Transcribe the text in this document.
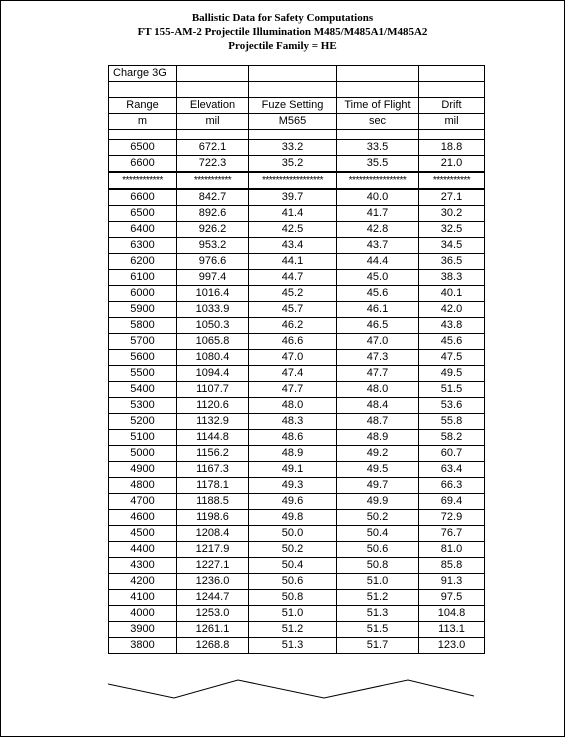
Ballistic Data for Safety Computations
FT 155-AM-2 Projectile Illumination M485/M485A1/M485A2
Projectile Family = HE
Charge 3G				

Range	Elevation	Fuze Setting	Time of Flight	Drift
m	mil	M565	sec	mil

6500	672.1	33.2	33.5	18.8
6600	722.3	35.2	35.5	21.0
************	***********	******************	*****************	***********
6600	842.7	39.7	40.0	27.1
6500	892.6	41.4	41.7	30.2
6400	926.2	42.5	42.8	32.5
6300	953.2	43.4	43.7	34.5
6200	976.6	44.1	44.4	36.5
6100	997.4	44.7	45.0	38.3
6000	1016.4	45.2	45.6	40.1
5900	1033.9	45.7	46.1	42.0
5800	1050.3	46.2	46.5	43.8
5700	1065.8	46.6	47.0	45.6
5600	1080.4	47.0	47.3	47.5
5500	1094.4	47.4	47.7	49.5
5400	1107.7	47.7	48.0	51.5
5300	1120.6	48.0	48.4	53.6
5200	1132.9	48.3	48.7	55.8
5100	1144.8	48.6	48.9	58.2
5000	1156.2	48.9	49.2	60.7
4900	1167.3	49.1	49.5	63.4
4800	1178.1	49.3	49.7	66.3
4700	1188.5	49.6	49.9	69.4
4600	1198.6	49.8	50.2	72.9
4500	1208.4	50.0	50.4	76.7
4400	1217.9	50.2	50.6	81.0
4300	1227.1	50.4	50.8	85.8
4200	1236.0	50.6	51.0	91.3
4100	1244.7	50.8	51.2	97.5
4000	1253.0	51.0	51.3	104.8
3900	1261.1	51.2	51.5	113.1
3800	1268.8	51.3	51.7	123.0
